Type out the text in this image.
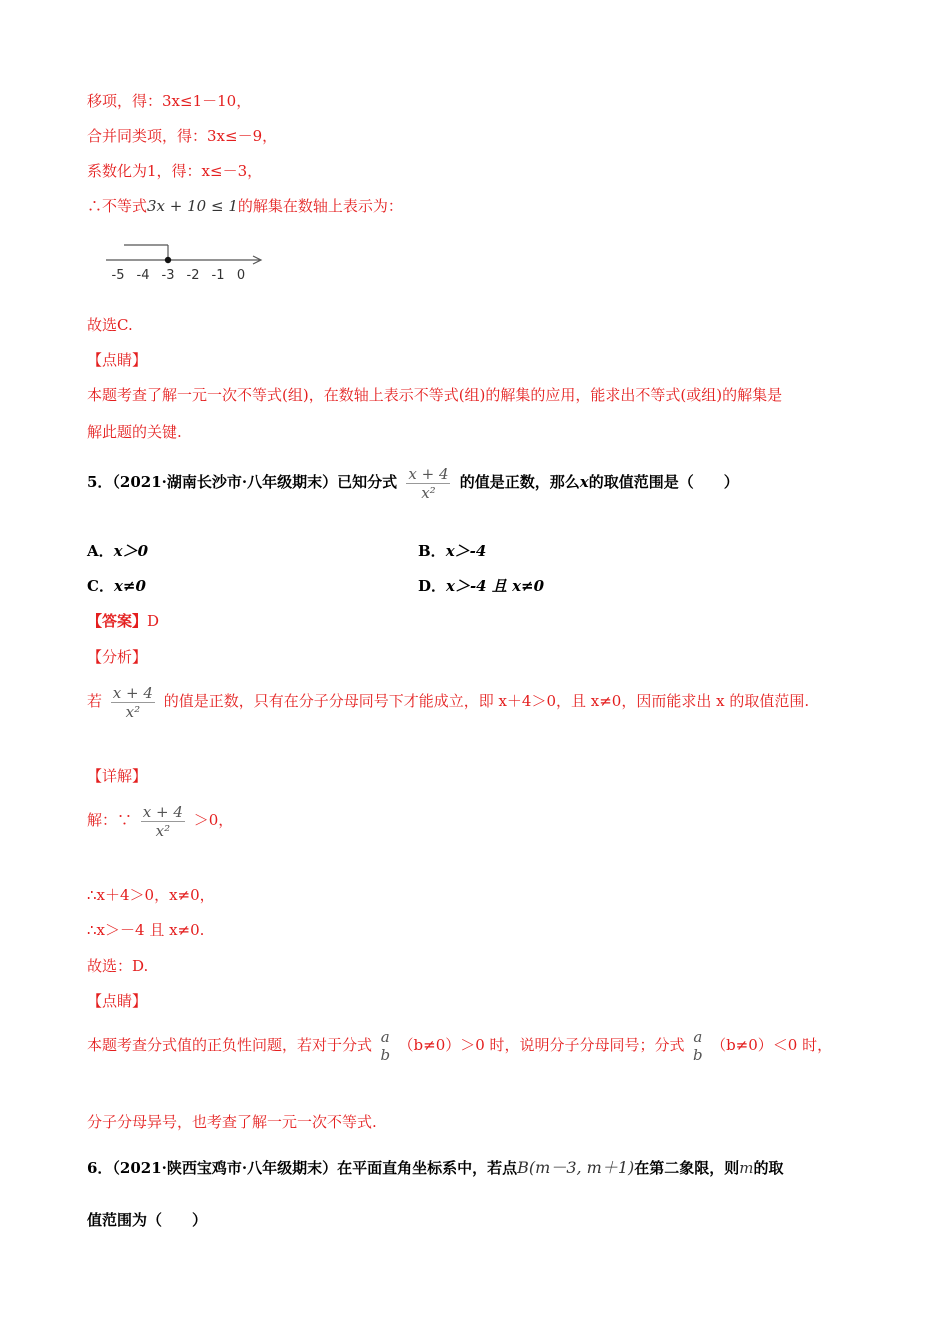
移项，得：3x≤1－10，
合并同类项，得：3x≤－9，
系数化为1，得：x≤－3，
∴不等式3x + 10 ≤ 1的解集在数轴上表示为：
-5 -4 -3 -2 -1 0
故选C.
【点睛】
本题考查了解一元一次不等式(组)，在数轴上表示不等式(组)的解集的应用，能求出不等式(或组)的解集是
解此题的关键.
5．（2021·湖南长沙市·八年级期末）已知分式 $\frac{x + 4}{\text{x²}}$ 的值是正数，那么x的取值范围是（　　）
A．x＞0	B．x＞-4
C．x≠0	D．x＞-4 且 x≠0
【答案】D
【分析】
若 $\frac{x + 4}{\text{x²}}$ 的值是正数，只有在分子分母同号下才能成立，即 x＋4＞0，且 x≠0，因而能求出 x 的取值范围.
【详解】
解：∵ $\frac{x + 4}{\text{x²}} >0$，
∴x＋4＞0，x≠0，
∴x＞－4 且 x≠0.
故选：D.
【点睛】
本题考查分式值的正负性问题，若对于分式 a
b
（b≠0）＞0 时，说明分子分母同号；分式 a
b
（b≠0）＜0 时，
分子分母异号，也考查了解一元一次不等式.
6．（2021·陕西宝鸡市·八年级期末）在平面直角坐标系中，若点B(m－3, m＋1)在第二象限，则m的取
值范围为（　　）
